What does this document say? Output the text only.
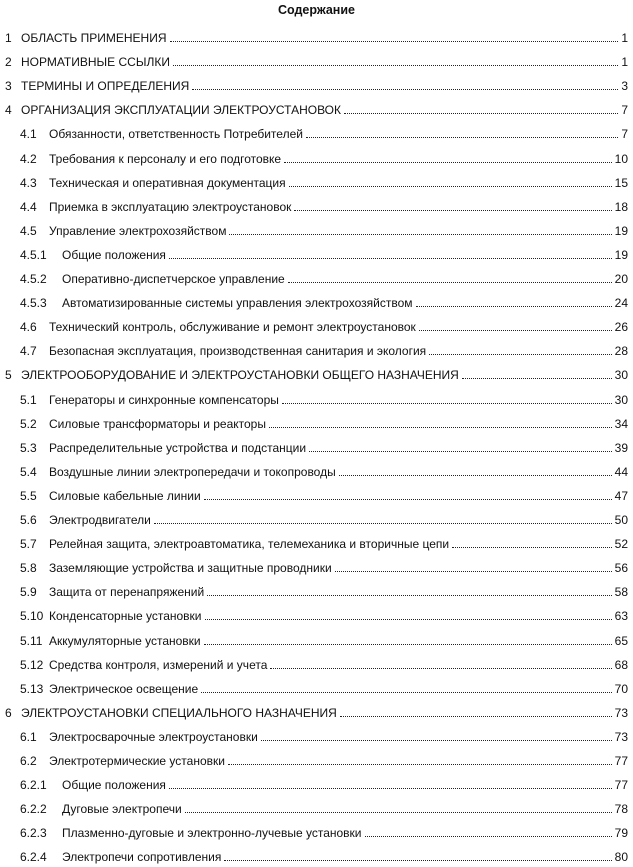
Содержание
1 ОБЛАСТЬ ПРИМЕНЕНИЯ	1
2 НОРМАТИВНЫЕ ССЫЛКИ	1
3 ТЕРМИНЫ И ОПРЕДЕЛЕНИЯ	3
4 ОРГАНИЗАЦИЯ ЭКСПЛУАТАЦИИ ЭЛЕКТРОУСТАНОВОК	7
4.1 Обязанности, ответственность Потребителей	7
4.2 Требования к персоналу и его подготовке	10
4.3 Техническая и оперативная документация	15
4.4 Приемка в эксплуатацию электроустановок	18
4.5 Управление электрохозяйством	19
4.5.1 Общие положения	19
4.5.2 Оперативно-диспетчерское управление	20
4.5.3 Автоматизированные системы управления электрохозяйством	24
4.6 Технический контроль, обслуживание и ремонт электроустановок	26
4.7 Безопасная эксплуатация, производственная санитария и экология	28
5 ЭЛЕКТРООБОРУДОВАНИЕ И ЭЛЕКТРОУСТАНОВКИ ОБЩЕГО НАЗНАЧЕНИЯ	30
5.1 Генераторы и синхронные компенсаторы	30
5.2 Силовые трансформаторы и реакторы	34
5.3 Распределительные устройства и подстанции	39
5.4 Воздушные линии электропередачи и токопроводы	44
5.5 Силовые кабельные линии	47
5.6 Электродвигатели	50
5.7 Релейная защита, электроавтоматика, телемеханика и вторичные цепи	52
5.8 Заземляющие устройства и защитные проводники	56
5.9 Защита от перенапряжений	58
5.10 Конденсаторные установки	63
5.11 Аккумуляторные установки	65
5.12 Средства контроля, измерений и учета	68
5.13 Электрическое освещение	70
6 ЭЛЕКТРОУСТАНОВКИ СПЕЦИАЛЬНОГО НАЗНАЧЕНИЯ	73
6.1 Электросварочные электроустановки	73
6.2 Электротермические установки	77
6.2.1 Общие положения	77
6.2.2 Дуговые электропечи	78
6.2.3 Плазменно-дуговые и электронно-лучевые установки	79
6.2.4 Электропечи сопротивления	80
